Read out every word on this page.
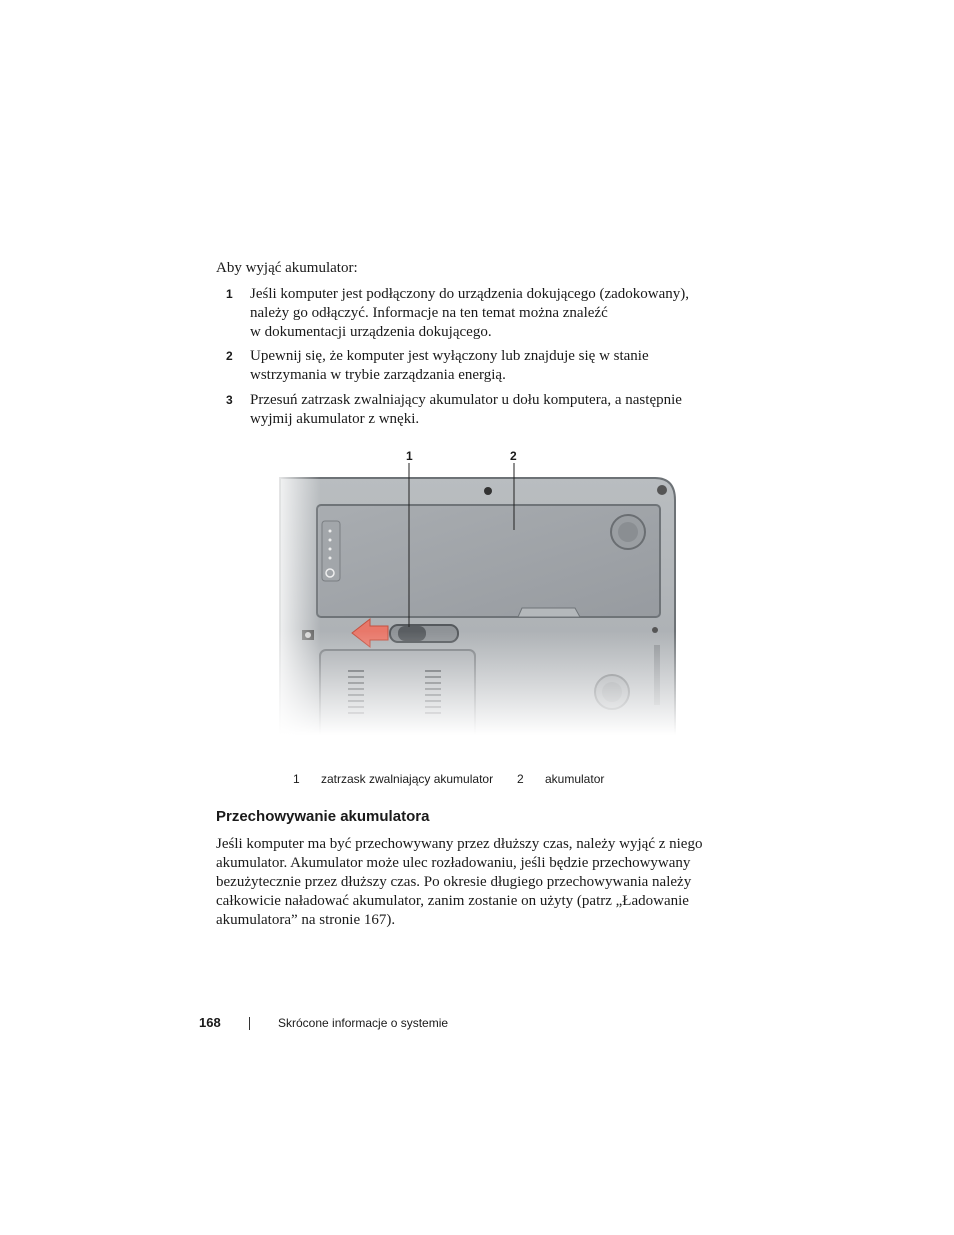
Aby wyjąć akumulator:
1 Jeśli komputer jest podłączony do urządzenia dokującego (zadokowany),
należy go odłączyć. Informacje na ten temat można znaleźć
w dokumentacji urządzenia dokującego.
2 Upewnij się, że komputer jest wyłączony lub znajduje się w stanie
wstrzymania w trybie zarządzania energią.
3 Przesuń zatrzask zwalniający akumulator u dołu komputera, a następnie
wyjmij akumulator z wnęki.
1	2
1 zatrzask zwalniający akumulator 2 akumulator
Przechowywanie akumulatora
Jeśli komputer ma być przechowywany przez dłuższy czas, należy wyjąć z niego
akumulator. Akumulator może ulec rozładowaniu, jeśli będzie przechowywany
bezużytecznie przez dłuższy czas. Po okresie długiego przechowywania należy
całkowicie naładować akumulator, zanim zostanie on użyty (patrz „Ładowanie
akumulatora” na stronie 167).
168	Skrócone informacje o systemie
